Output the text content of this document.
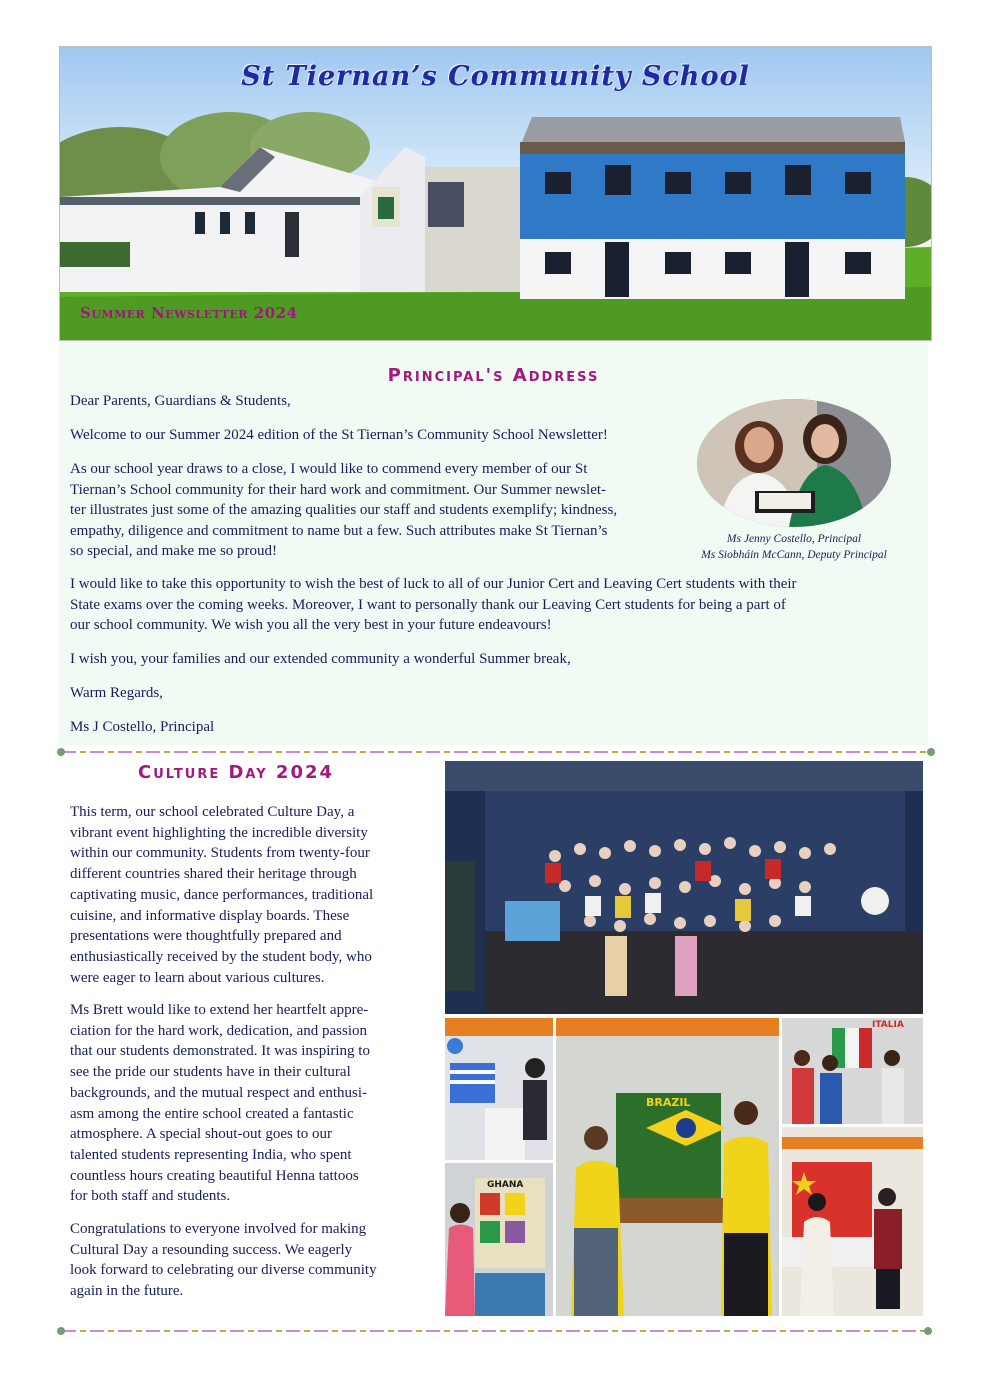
St Tiernan’s Community School
Summer Newsletter 2024
Principal's Address

Dear Parents, Guardians & Students,

Welcome to our Summer 2024 edition of the St Tiernan’s Community School Newsletter!

As our school year draws to a close, I would like to commend every member of our St
Tiernan’s School community for their hard work and commitment. Our Summer newslet-
ter illustrates just some of the amazing qualities our staff and students exemplify; kindness,
empathy, diligence and commitment to name but a few. Such attributes make St Tiernan’s
so special, and make me so proud!

I would like to take this opportunity to wish the best of luck to all of our Junior Cert and Leaving Cert students with their
State exams over the coming weeks. Moreover, I want to personally thank our Leaving Cert students for being a part of
our school community. We wish you all the very best in your future endeavours!

I wish you, your families and our extended community a wonderful Summer break,

Warm Regards,

Ms J Costello, Principal

Ms Jenny Costello, Principal
Ms Siobháin McCann, Deputy Principal
Culture Day 2024

This term, our school celebrated Culture Day, a
vibrant event highlighting the incredible diversity
within our community. Students from twenty-four
different countries shared their heritage through
captivating music, dance performances, traditional
cuisine, and informative display boards. These
presentations were thoughtfully prepared and
enthusiastically received by the student body, who
were eager to learn about various cultures.

Ms Brett would like to extend her heartfelt appre-
ciation for the hard work, dedication, and passion
that our students demonstrated. It was inspiring to
see the pride our students have in their cultural
backgrounds, and the mutual respect and enthusi-
asm among the entire school created a fantastic
atmosphere. A special shout-out goes to our
talented students representing India, who spent
countless hours creating beautiful Henna tattoos
for both staff and students.

Congratulations to everyone involved for making
Cultural Day a resounding success. We eagerly
look forward to celebrating our diverse community
again in the future.

BRAZIL
ITALIA
GHANA
